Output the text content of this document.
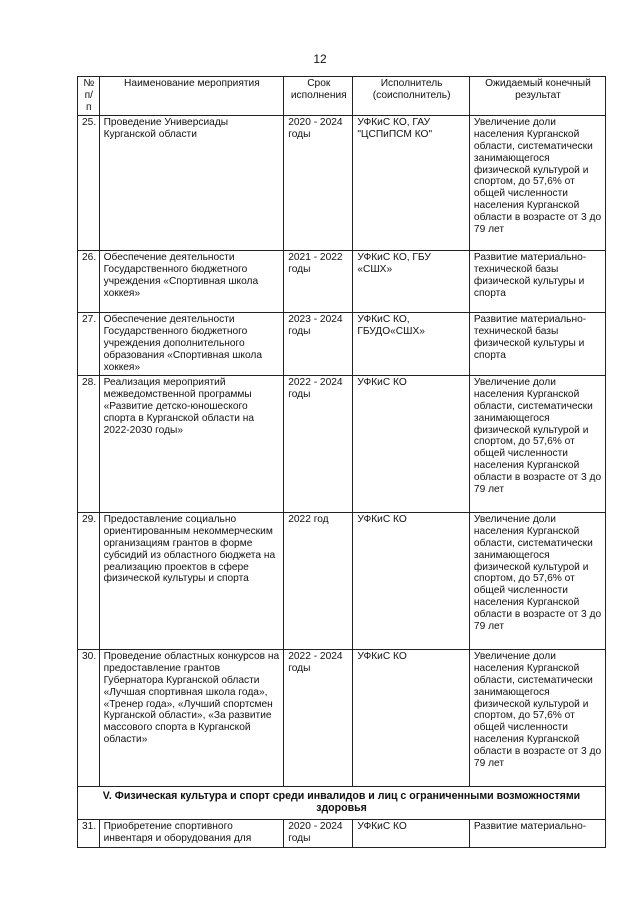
12
№ п/п	Наименование мероприятия	Срок исполнения	Исполнитель (соисполнитель)	Ожидаемый конечный результат
25.	Проведение Универсиады Курганской области	2020 - 2024 годы	УФКиС КО, ГАУ "ЦСПиПСМ КО"	Увеличение доли населения Курганской области, систематически занимающегося физической культурой и спортом, до 57,6% от общей численности населения Курганской области в возрасте от 3 до 79 лет
26.	Обеспечение деятельности Государственного бюджетного учреждения «Спортивная школа хоккея»	2021 - 2022 годы	УФКиС КО, ГБУ «СШХ»	Развитие материально-технической базы физической культуры и спорта
27.	Обеспечение деятельности Государственного бюджетного учреждения дополнительного образования «Спортивная школа хоккея»	2023 - 2024 годы	УФКиС КО, ГБУДО«СШХ»	Развитие материально-технической базы физической культуры и спорта
28.	Реализация мероприятий межведомственной программы «Развитие детско-юношеского спорта в Курганской области на 2022-2030 годы»	2022 - 2024 годы	УФКиС КО	Увеличение доли населения Курганской области, систематически занимающегося физической культурой и спортом, до 57,6% от общей численности населения Курганской области в возрасте от 3 до 79 лет
29.	Предоставление социально ориентированным некоммерческим организациям грантов в форме субсидий из областного бюджета на реализацию проектов в сфере физической культуры и спорта	2022 год	УФКиС КО	Увеличение доли населения Курганской области, систематически занимающегося физической культурой и спортом, до 57,6% от общей численности населения Курганской области в возрасте от 3 до 79 лет
30.	Проведение областных конкурсов на предоставление грантов Губернатора Курганской области «Лучшая спортивная школа года», «Тренер года», «Лучший спортсмен Курганской области», «За развитие массового спорта в Курганской области»	2022 - 2024 годы	УФКиС КО	Увеличение доли населения Курганской области, систематически занимающегося физической культурой и спортом, до 57,6% от общей численности населения Курганской области в возрасте от 3 до 79 лет
V. Физическая культура и спорт среди инвалидов и лиц с ограниченными возможностями здоровья				
31.	Приобретение спортивного инвентаря и оборудования для	2020 - 2024 годы	УФКиС КО	Развитие материально-
